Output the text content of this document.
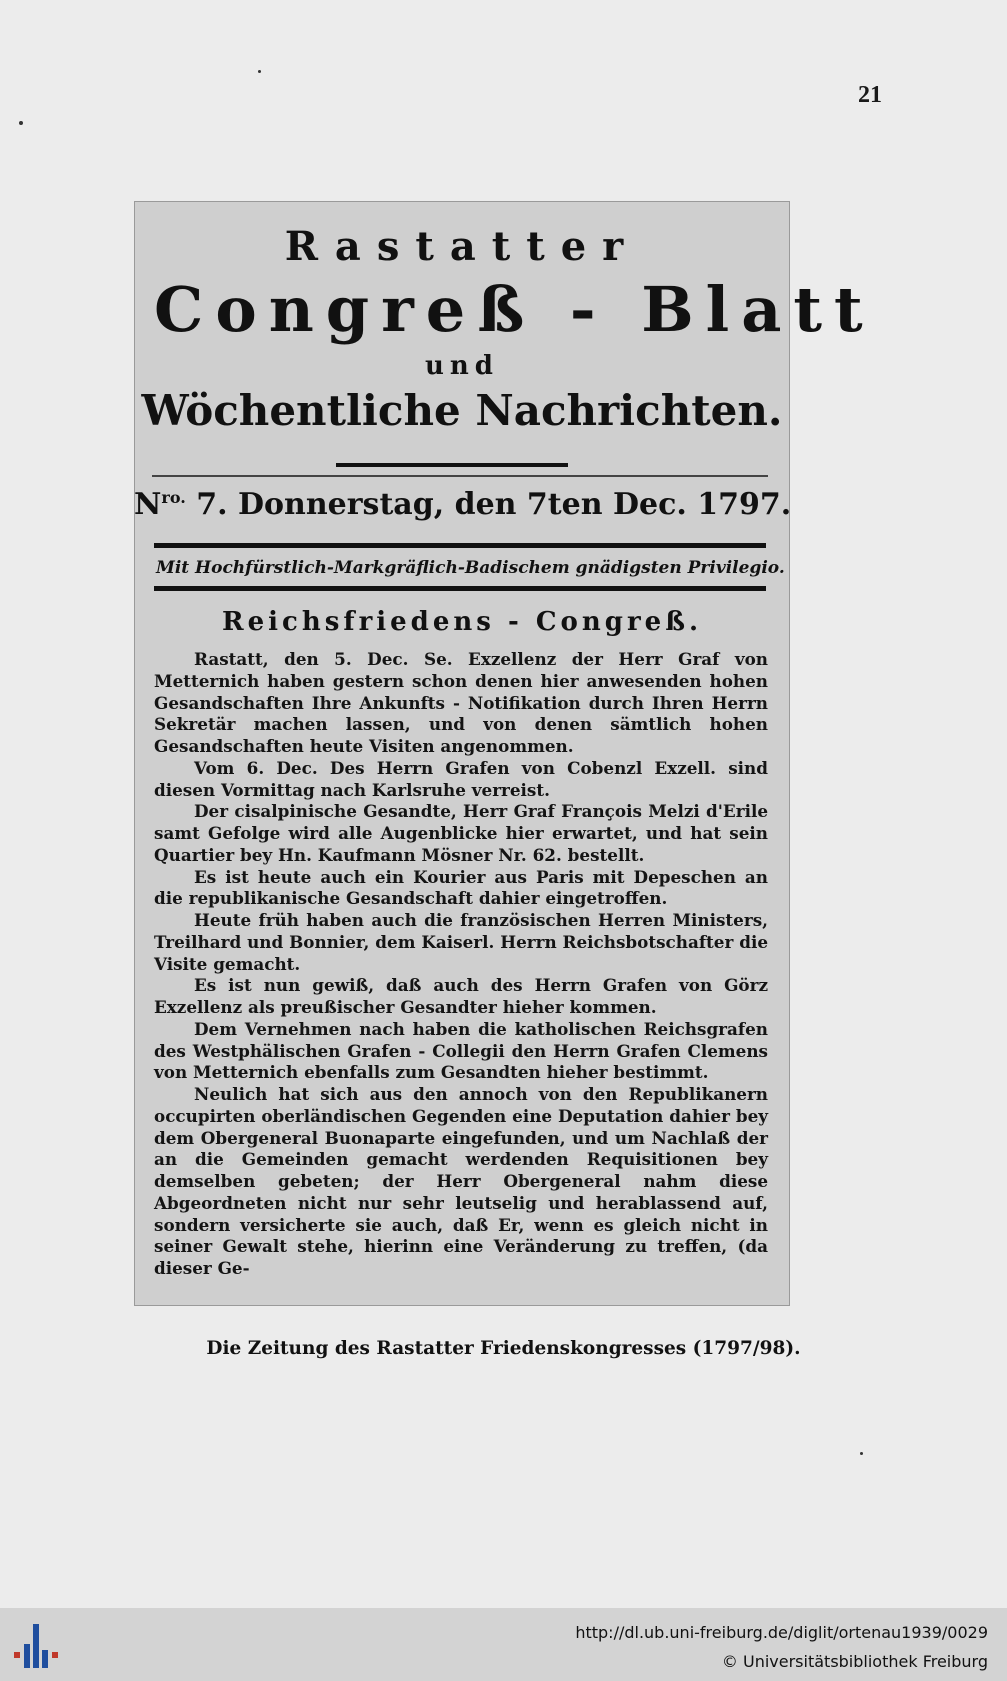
21
Rastatter
Congreß - Blatt
und
Wöchentliche Nachrichten.
$N^{ro.}$ 7. Donnerstag, den 7ten Dec. 1797.
Mit Hochfürstlich-Markgräflich-Badischem gnädigsten Privilegio.
Reichsfriedens - Congreß.

Rastatt, den 5. Dec. Se. Exzellenz der Herr Graf von Metternich haben gestern schon denen hier anwesenden hohen Gesandschaften Ihre Ankunfts - Notifikation durch Ihren Herrn Sekretär machen lassen, und von denen sämtlich hohen Gesandschaften heute Visiten angenommen.

Vom 6. Dec. Des Herrn Grafen von Cobenzl Exzell. sind diesen Vormittag nach Karlsruhe verreist.

Der cisalpinische Gesandte, Herr Graf François Melzi d'Erile samt Gefolge wird alle Augenblicke hier erwartet, und hat sein Quartier bey Hn. Kaufmann Mösner Nr. 62. bestellt.

Es ist heute auch ein Kourier aus Paris mit Depeschen an die republikanische Gesandschaft dahier eingetroffen.

Heute früh haben auch die französischen Herren Ministers, Treilhard und Bonnier, dem Kaiserl. Herrn Reichsbotschafter die Visite gemacht.

Es ist nun gewiß, daß auch des Herrn Grafen von Görz Exzellenz als preußischer Gesandter hieher kommen.

Dem Vernehmen nach haben die katholischen Reichsgrafen des Westphälischen Grafen - Collegii den Herrn Grafen Clemens von Metternich ebenfalls zum Gesandten hieher bestimmt.

Neulich hat sich aus den annoch von den Republikanern occupirten oberländischen Gegenden eine Deputation dahier bey dem Obergeneral Buonaparte eingefunden, und um Nachlaß der an die Gemeinden gemacht werdenden Requisitionen bey demselben gebeten; der Herr Obergeneral nahm diese Abgeordneten nicht nur sehr leutselig und herablassend auf, sondern versicherte sie auch, daß Er, wenn es gleich nicht in seiner Gewalt stehe, hierinn eine Veränderung zu treffen, (da dieser Ge-

Die Zeitung des Rastatter Friedenskongresses (1797/98).
http://dl.ub.uni-freiburg.de/diglit/ortenau1939/0029
© Universitätsbibliothek Freiburg
